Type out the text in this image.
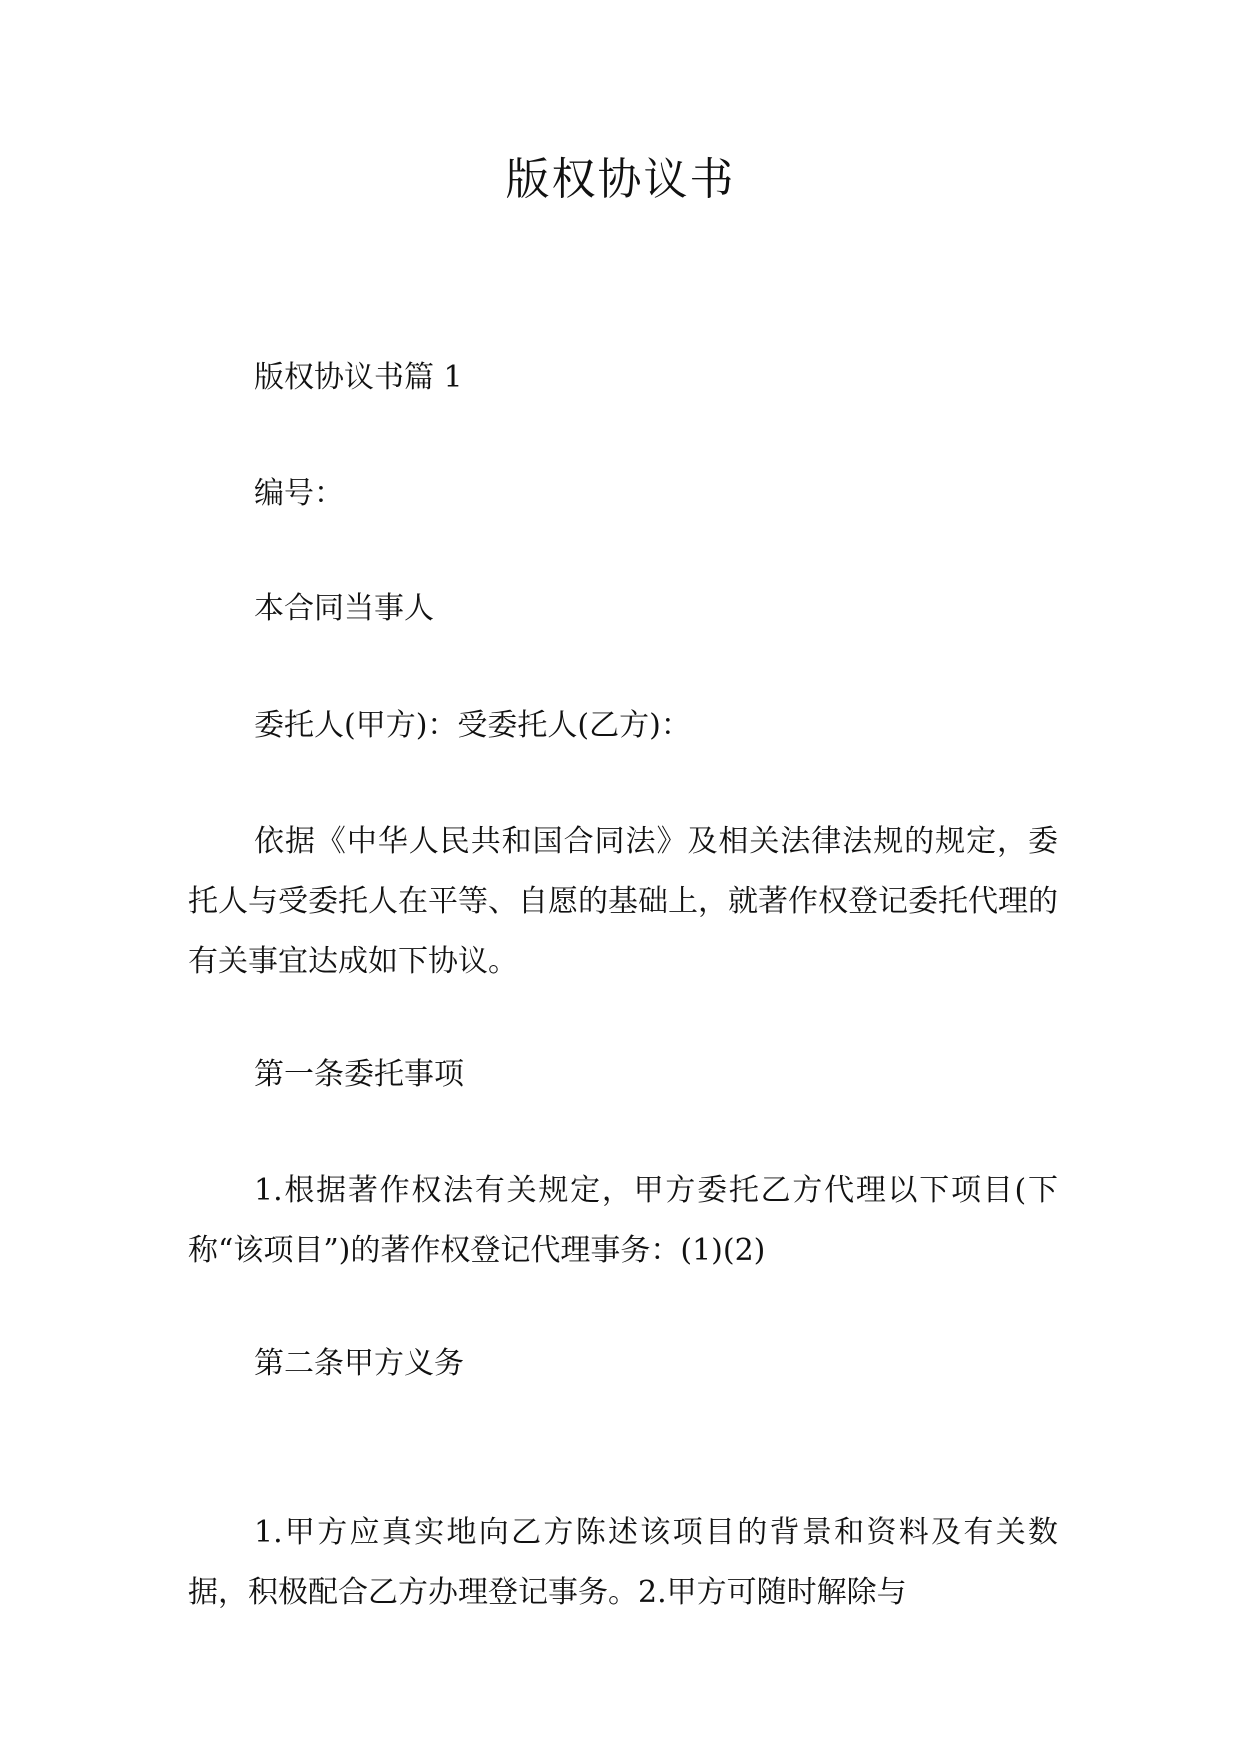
版权协议书

版权协议书篇 1

编号：

本合同当事人

委托人(甲方)：受委托人(乙方)：

依据《中华人民共和国合同法》及相关法律法规的规定，委托人与受委托人在平等、自愿的基础上，就著作权登记委托代理的有关事宜达成如下协议。

第一条委托事项

1.根据著作权法有关规定，甲方委托乙方代理以下项目(下称“该项目”)的著作权登记代理事务：(1)(2)

第二条甲方义务

1.甲方应真实地向乙方陈述该项目的背景和资料及有关数据，积极配合乙方办理登记事务。2.甲方可随时解除与
